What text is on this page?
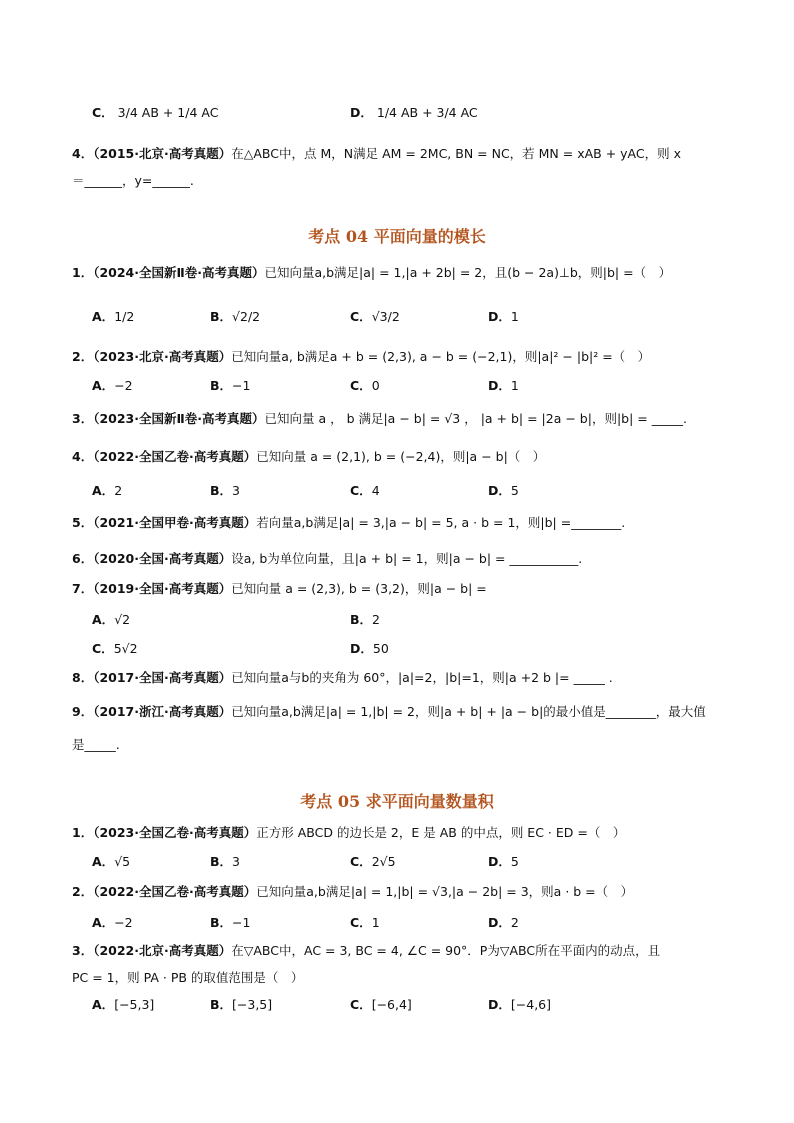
C． 3/4 AB + 1/4 AC	D． 1/4 AB + 3/4 AC
4．（2015·北京·高考真题）在△ABC中，点 M，N满足 AM = 2MC, BN = NC，若 MN = xAB + yAC，则 x
＝______，y=______.
考点 04 平面向量的模长
1．（2024·全国新Ⅱ卷·高考真题）已知向量a,b满足|a| = 1,|a + 2b| = 2，且(b − 2a)⊥b，则|b| =（　）
A．1/2	B．√2/2	C．√3/2	D．1
2．（2023·北京·高考真题）已知向量a, b满足a + b = (2,3), a − b = (−2,1)，则|a|² − |b|² =（　）
A．−2	B．−1	C．0	D．1
3．（2023·全国新Ⅱ卷·高考真题）已知向量 a ， b 满足|a − b| = √3 ， |a + b| = |2a − b|，则|b| = _____.
4．（2022·全国乙卷·高考真题）已知向量 a = (2,1), b = (−2,4)，则|a − b|（　）
A．2	B．3	C．4	D．5
5．（2021·全国甲卷·高考真题）若向量a,b满足|a| = 3,|a − b| = 5, a · b = 1，则|b| =________.
6．（2020·全国·高考真题）设a, b为单位向量，且|a + b| = 1，则|a − b| = ___________.
7．（2019·全国·高考真题）已知向量 a = (2,3), b = (3,2)，则|a − b| =
A．√2	B．2
C．5√2	D．50
8．（2017·全国·高考真题）已知向量a与b的夹角为 60°，|a|=2，|b|=1，则|a +2 b |= _____ .
9．（2017·浙江·高考真题）已知向量a,b满足|a| = 1,|b| = 2，则|a + b| + |a − b|的最小值是________，最大值
是_____.
考点 05 求平面向量数量积
1．（2023·全国乙卷·高考真题）正方形 ABCD 的边长是 2，E 是 AB 的中点，则 EC · ED =（　）
A．√5	B．3	C．2√5	D．5
2．（2022·全国乙卷·高考真题）已知向量a,b满足|a| = 1,|b| = √3,|a − 2b| = 3，则a · b =（　）
A．−2	B．−1	C．1	D．2
3．（2022·北京·高考真题）在▽ABC中，AC = 3, BC = 4, ∠C = 90°．P为▽ABC所在平面内的动点，且
PC = 1，则 PA · PB 的取值范围是（　）
A．[−5,3]	B．[−3,5]	C．[−6,4]	D．[−4,6]
